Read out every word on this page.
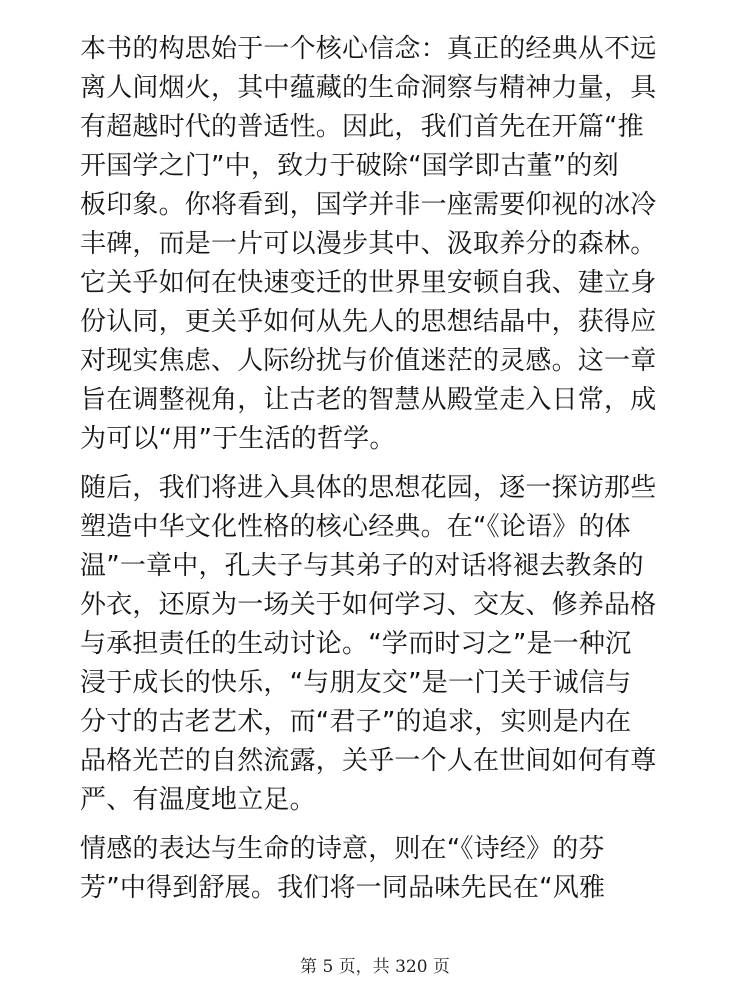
本书的构思始于一个核心信念：真正的经典从不远
离人间烟火，其中蕴藏的生命洞察与精神力量，具
有超越时代的普适性。因此，我们首先在开篇“推
开国学之门”中，致力于破除“国学即古董”的刻
板印象。你将看到，国学并非一座需要仰视的冰冷
丰碑，而是一片可以漫步其中、汲取养分的森林。
它关乎如何在快速变迁的世界里安顿自我、建立身
份认同，更关乎如何从先人的思想结晶中，获得应
对现实焦虑、人际纷扰与价值迷茫的灵感。这一章
旨在调整视角，让古老的智慧从殿堂走入日常，成
为可以“用”于生活的哲学。

随后，我们将进入具体的思想花园，逐一探访那些
塑造中华文化性格的核心经典。在“《论语》的体
温”一章中，孔夫子与其弟子的对话将褪去教条的
外衣，还原为一场关于如何学习、交友、修养品格
与承担责任的生动讨论。“学而时习之”是一种沉
浸于成长的快乐，“与朋友交”是一门关于诚信与
分寸的古老艺术，而“君子”的追求，实则是内在
品格光芒的自然流露，关乎一个人在世间如何有尊
严、有温度地立足。

情感的表达与生命的诗意，则在“《诗经》的芬
芳”中得到舒展。我们将一同品味先民在“风雅

第 5 页，共 320 页
